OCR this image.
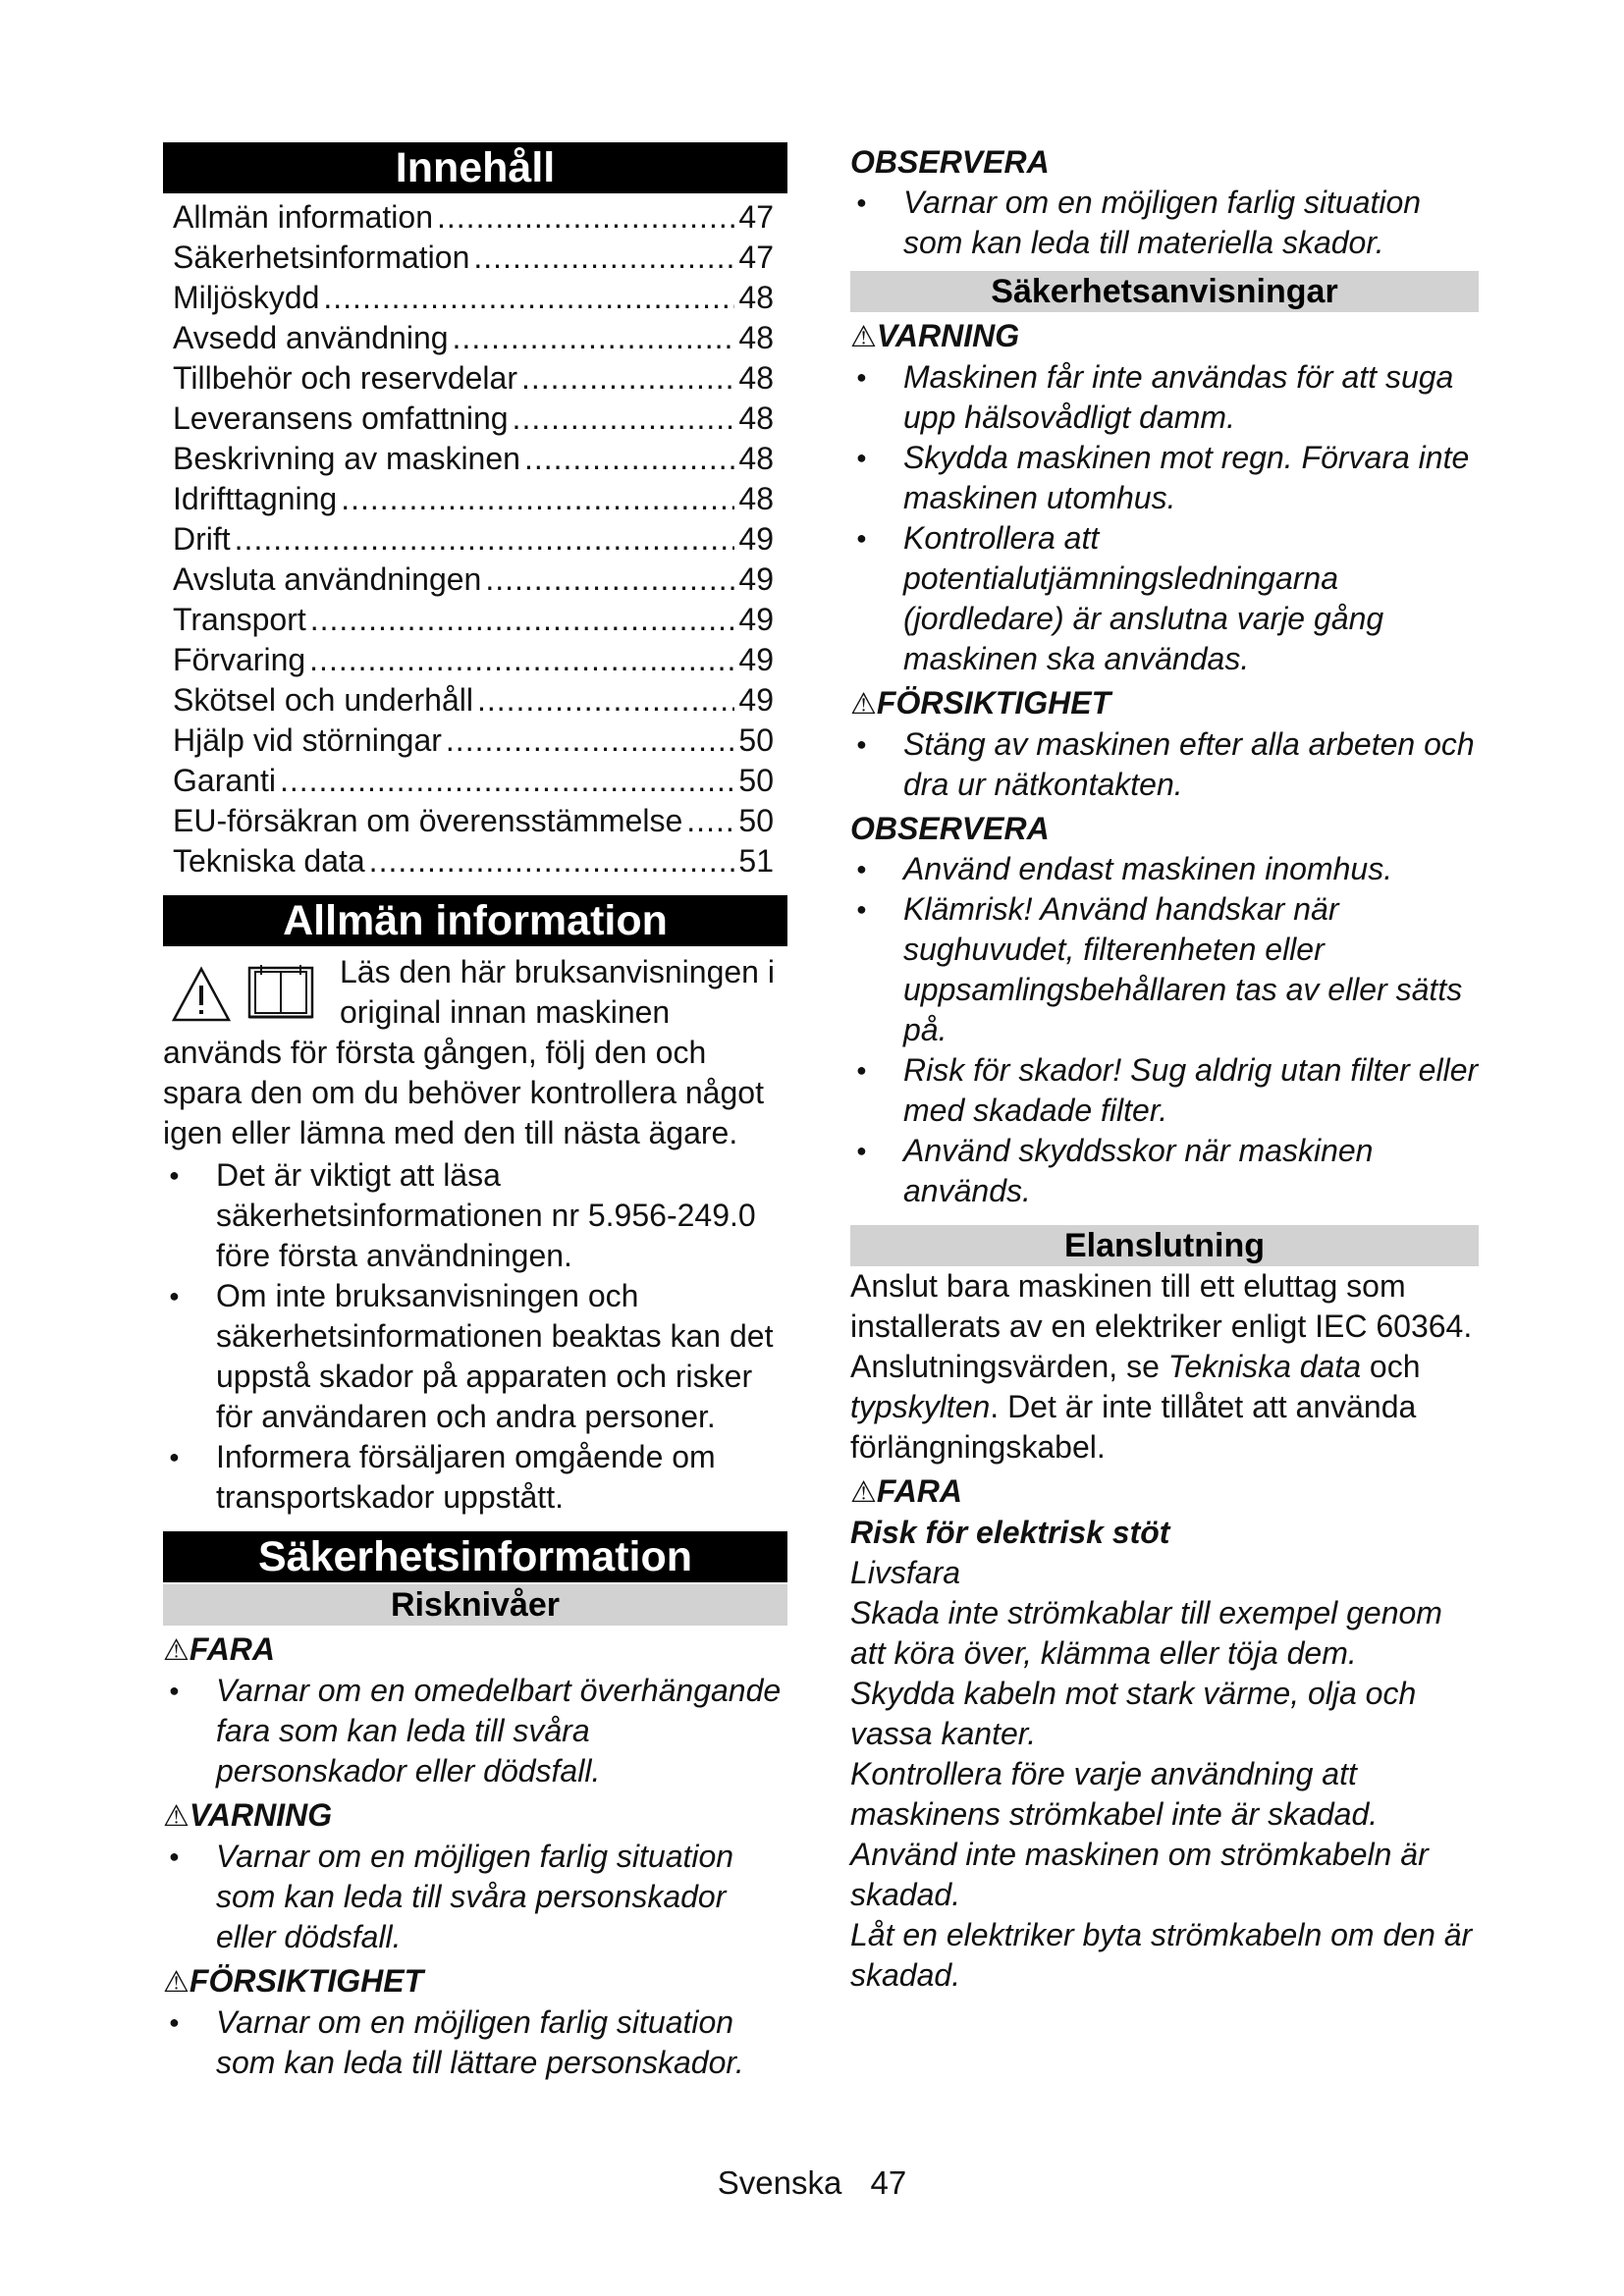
Innehåll
Allmän information .....	47
Säkerhetsinformation .....	47
Miljöskydd .....	48
Avsedd användning .....	48
Tillbehör och reservdelar .....	48
Leveransens omfattning .....	48
Beskrivning av maskinen .....	48
Idrifttagning .....	48
Drift .....	49
Avsluta användningen .....	49
Transport .....	49
Förvaring .....	49
Skötsel och underhåll .....	49
Hjälp vid störningar .....	50
Garanti .....	50
EU-försäkran om överensstämmelse ..... 50
Tekniska data .....	51
Allmän information
Läs den här bruksanvisningen i original innan maskinen används för första gången, följ den och spara den om du behöver kontrollera något igen eller lämna med den till nästa ägare.
● Det är viktigt att läsa säkerhetsinformationen nr 5.956-249.0 före första användningen.
● Om inte bruksanvisningen och säkerhetsinformationen beaktas kan det uppstå skador på apparaten och risker för användaren och andra personer.
● Informera försäljaren omgående om transportskador uppstått.
Säkerhetsinformation
Risknivåer
⚠FARA
● Varnar om en omedelbart överhängande fara som kan leda till svåra personskador eller dödsfall.
⚠VARNING
● Varnar om en möjligen farlig situation som kan leda till svåra personskador eller dödsfall.
⚠FÖRSIKTIGHET
● Varnar om en möjligen farlig situation som kan leda till lättare personskador.
OBSERVERA
● Varnar om en möjligen farlig situation som kan leda till materiella skador.
Säkerhetsanvisningar
⚠VARNING
● Maskinen får inte användas för att suga upp hälsovådligt damm.
● Skydda maskinen mot regn. Förvara inte maskinen utomhus.
● Kontrollera att potentialutjämningsledningarna (jordledare) är anslutna varje gång maskinen ska användas.
⚠FÖRSIKTIGHET
● Stäng av maskinen efter alla arbeten och dra ur nätkontakten.
OBSERVERA
● Använd endast maskinen inomhus.
● Klämrisk! Använd handskar när sughuvudet, filterenheten eller uppsamlingsbehållaren tas av eller sätts på.
● Risk för skador! Sug aldrig utan filter eller med skadade filter.
● Använd skyddsskor när maskinen används.
Elanslutning

Anslut bara maskinen till ett eluttag som installerats av en elektriker enligt IEC 60364. Anslutningsvärden, se Tekniska data och typskylten. Det är inte tillåtet att använda förlängningskabel.

⚠FARA

Risk för elektrisk stöt

Livsfara

Skada inte strömkablar till exempel genom att köra över, klämma eller töja dem.

Skydda kabeln mot stark värme, olja och vassa kanter.

Kontrollera före varje användning att maskinens strömkabel inte är skadad. Använd inte maskinen om strömkabeln är skadad.

Låt en elektriker byta strömkabeln om den är skadad.

Svenska 47
